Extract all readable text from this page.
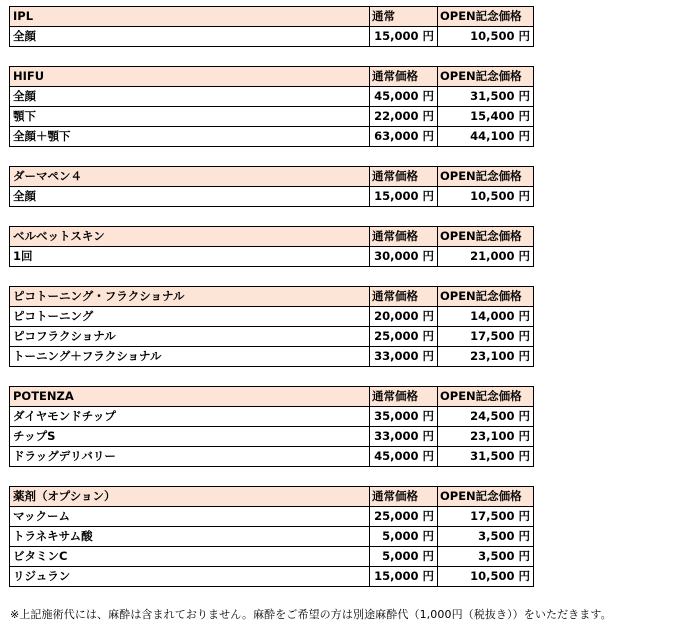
IPL	通常	OPEN記念価格
全顔	15,000 円	10,500 円
HIFU	通常価格	OPEN記念価格
全顔	45,000 円	31,500 円
顎下	22,000 円	15,400 円
全顔＋顎下	63,000 円	44,100 円
ダーマペン４	通常価格	OPEN記念価格
全顔	15,000 円	10,500 円
ベルベットスキン	通常価格	OPEN記念価格
1回	30,000 円	21,000 円
ピコトーニング・フラクショナル	通常価格	OPEN記念価格
ピコトーニング	20,000 円	14,000 円
ピコフラクショナル	25,000 円	17,500 円
トーニング＋フラクショナル	33,000 円	23,100 円
POTENZA	通常価格	OPEN記念価格
ダイヤモンドチップ	35,000 円	24,500 円
チップS	33,000 円	23,100 円
ドラッグデリバリー	45,000 円	31,500 円
薬剤（オプション）	通常価格	OPEN記念価格
マックーム	25,000 円	17,500 円
トラネキサム酸	5,000 円	3,500 円
ビタミンC	5,000 円	3,500 円
リジュラン	15,000 円	10,500 円
※上記施術代には、麻酔は含まれておりません。麻酔をご希望の方は別途麻酔代（1,000円（税抜き））をいただきます。
